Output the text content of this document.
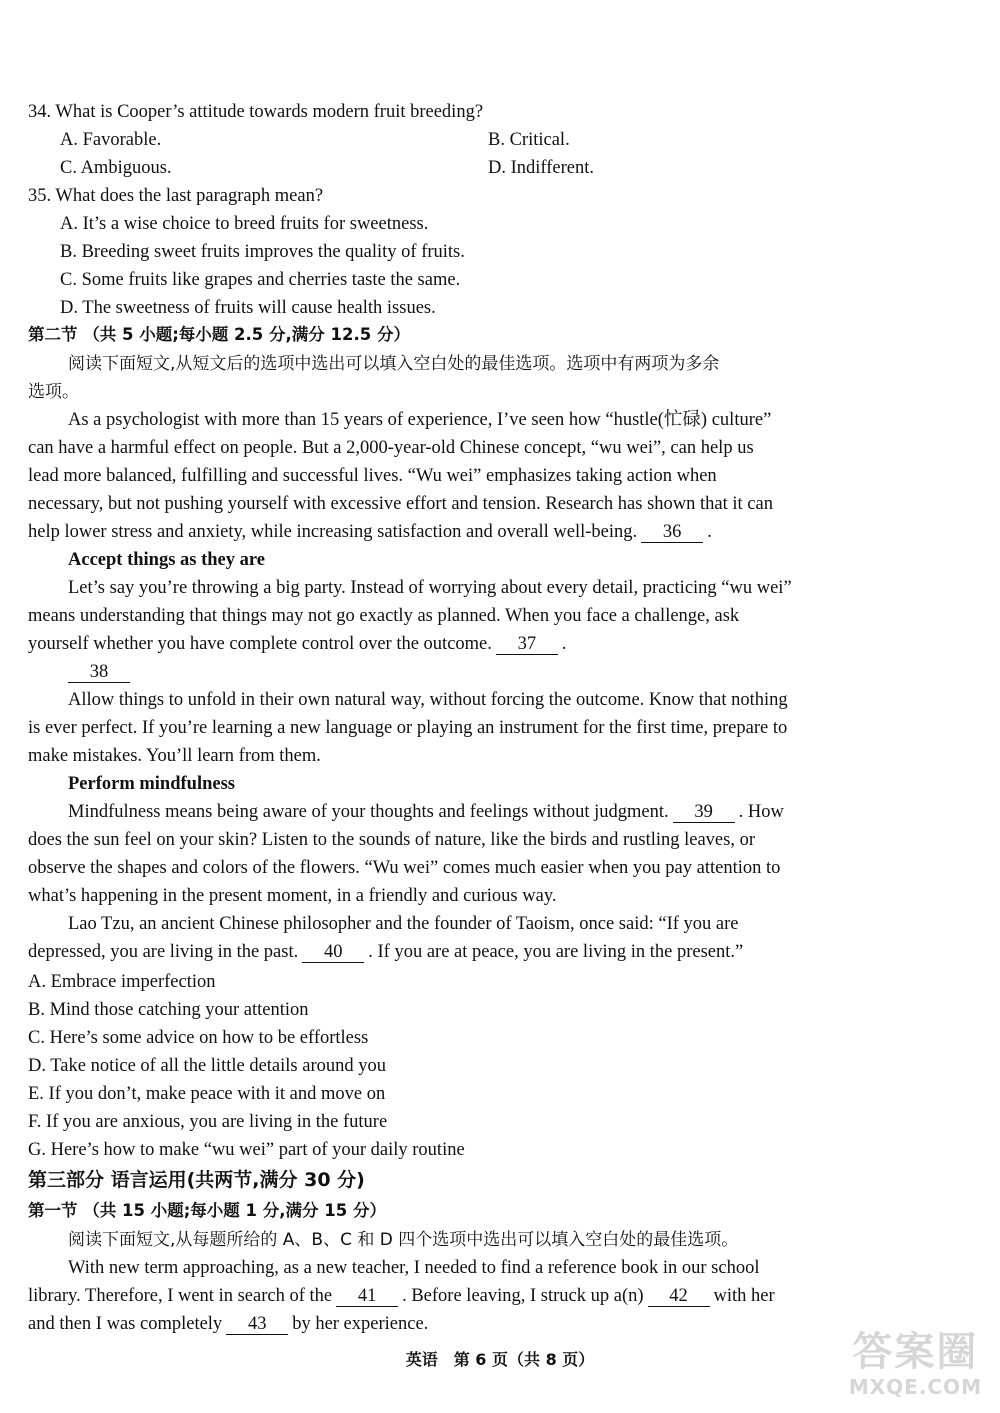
34. What is Cooper’s attitude towards modern fruit breeding?
A. Favorable.	B. Critical.
C. Ambiguous.	D. Indifferent.
35. What does the last paragraph mean?
A. It’s a wise choice to breed fruits for sweetness.
B. Breeding sweet fruits improves the quality of fruits.
C. Some fruits like grapes and cherries taste the same.
D. The sweetness of fruits will cause health issues.
第二节 （共 5 小题;每小题 2.5 分,满分 12.5 分）
阅读下面短文,从短文后的选项中选出可以填入空白处的最佳选项。选项中有两项为多余
选项。
As a psychologist with more than 15 years of experience, I’ve seen how “hustle(忙碌) culture”
can have a harmful effect on people. But a 2,000-year-old Chinese concept, “wu wei”, can help us
lead more balanced, fulfilling and successful lives. “Wu wei” emphasizes taking action when
necessary, but not pushing yourself with excessive effort and tension. Research has shown that it can
help lower stress and anxiety, while increasing satisfaction and overall well-being. 36 .
Accept things as they are
Let’s say you’re throwing a big party. Instead of worrying about every detail, practicing “wu wei”
means understanding that things may not go exactly as planned. When you face a challenge, ask
yourself whether you have complete control over the outcome. 37 .
38
Allow things to unfold in their own natural way, without forcing the outcome. Know that nothing
is ever perfect. If you’re learning a new language or playing an instrument for the first time, prepare to
make mistakes. You’ll learn from them.
Perform mindfulness
Mindfulness means being aware of your thoughts and feelings without judgment. 39 . How
does the sun feel on your skin? Listen to the sounds of nature, like the birds and rustling leaves, or
observe the shapes and colors of the flowers. “Wu wei” comes much easier when you pay attention to
what’s happening in the present moment, in a friendly and curious way.
Lao Tzu, an ancient Chinese philosopher and the founder of Taoism, once said: “If you are
depressed, you are living in the past. 40 . If you are at peace, you are living in the present.”
A. Embrace imperfection
B. Mind those catching your attention
C. Here’s some advice on how to be effortless
D. Take notice of all the little details around you
E. If you don’t, make peace with it and move on
F. If you are anxious, you are living in the future
G. Here’s how to make “wu wei” part of your daily routine
第三部分 语言运用(共两节,满分 30 分)
第一节 （共 15 小题;每小题 1 分,满分 15 分）
阅读下面短文,从每题所给的 A、B、C 和 D 四个选项中选出可以填入空白处的最佳选项。
With new term approaching, as a new teacher, I needed to find a reference book in our school
library. Therefore, I went in search of the 41 . Before leaving, I struck up a(n) 42 with her
and then I was completely 43 by her experience.
英语　第 6 页（共 8 页）	答案圈
MXQE.COM
